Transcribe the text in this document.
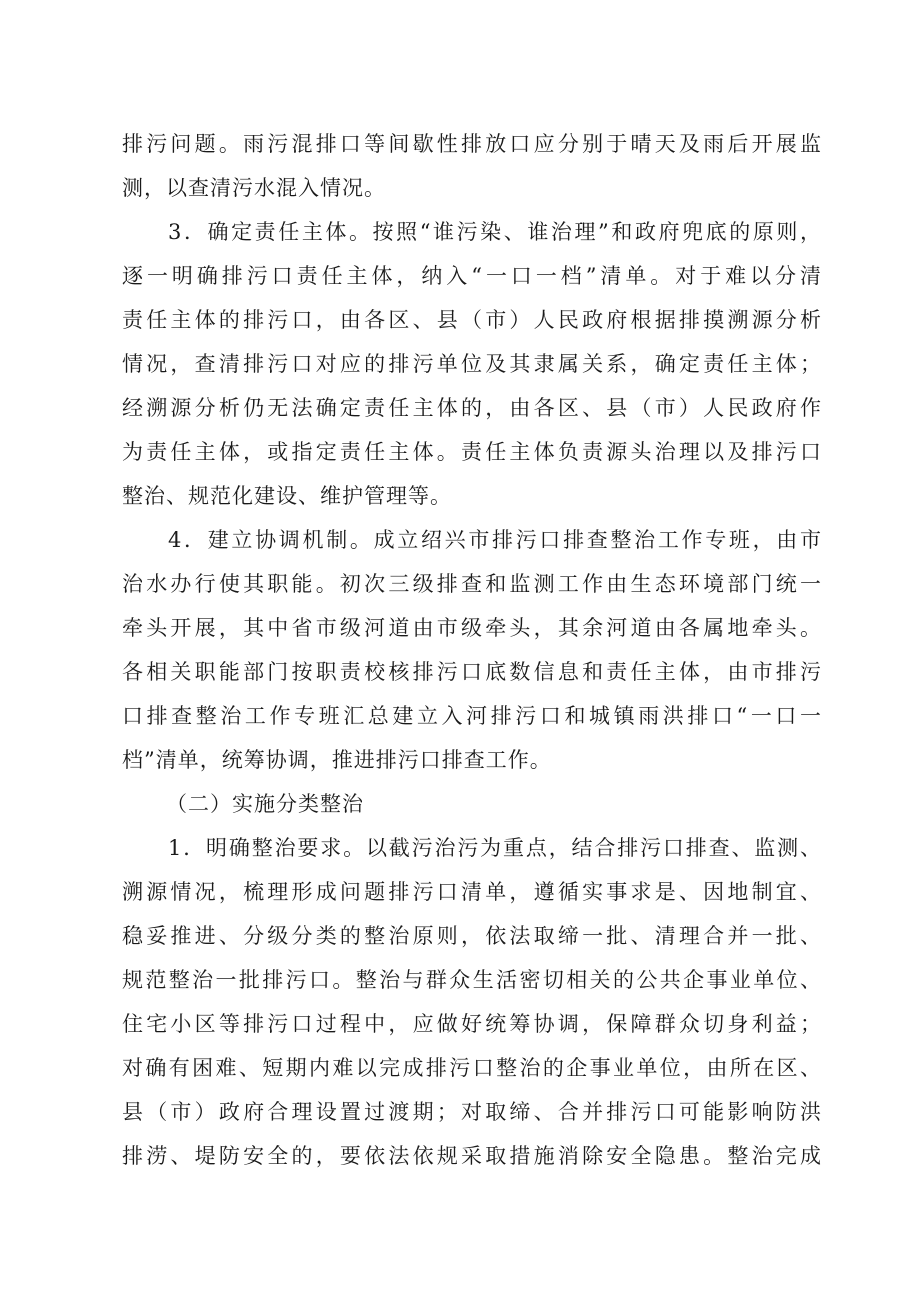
排污问题。雨污混排口等间歇性排放口应分别于晴天及雨后开展监

测，以查清污水混入情况。

3．确定责任主体。按照“谁污染、谁治理”和政府兜底的原则，

逐一明确排污口责任主体，纳入“一口一档”清单。对于难以分清

责任主体的排污口，由各区、县（市）人民政府根据排摸溯源分析

情况，查清排污口对应的排污单位及其隶属关系，确定责任主体；

经溯源分析仍无法确定责任主体的，由各区、县（市）人民政府作

为责任主体，或指定责任主体。责任主体负责源头治理以及排污口

整治、规范化建设、维护管理等。

4．建立协调机制。成立绍兴市排污口排查整治工作专班，由市

治水办行使其职能。初次三级排查和监测工作由生态环境部门统一

牵头开展，其中省市级河道由市级牵头，其余河道由各属地牵头。

各相关职能部门按职责校核排污口底数信息和责任主体，由市排污

口排查整治工作专班汇总建立入河排污口和城镇雨洪排口“一口一

档”清单，统筹协调，推进排污口排查工作。

（二）实施分类整治

1．明确整治要求。以截污治污为重点，结合排污口排查、监测、

溯源情况，梳理形成问题排污口清单，遵循实事求是、因地制宜、

稳妥推进、分级分类的整治原则，依法取缔一批、清理合并一批、

规范整治一批排污口。整治与群众生活密切相关的公共企事业单位、

住宅小区等排污口过程中，应做好统筹协调，保障群众切身利益；

对确有困难、短期内难以完成排污口整治的企事业单位，由所在区、

县（市）政府合理设置过渡期；对取缔、合并排污口可能影响防洪

排涝、堤防安全的，要依法依规采取措施消除安全隐患。整治完成
